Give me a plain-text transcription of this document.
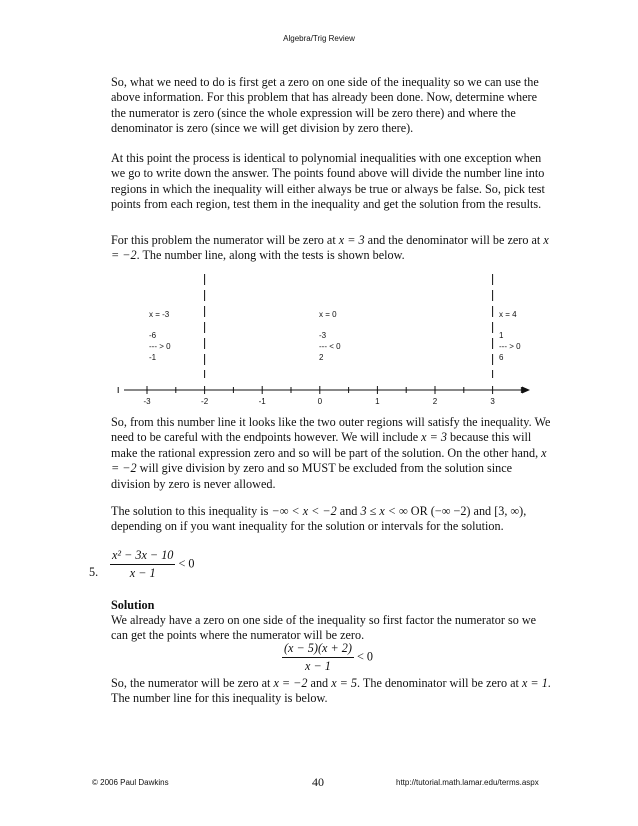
Algebra/Trig Review

So, what we need to do is first get a zero on one side of the inequality so we can use the above information. For this problem that has already been done. Now, determine where the numerator is zero (since the whole expression will be zero there) and where the denominator is zero (since we will get division by zero there).

At this point the process is identical to polynomial inequalities with one exception when we go to write down the answer. The points found above will divide the number line into regions in which the inequality will either always be true or always be false. So, pick test points from each region, test them in the inequality and get the solution from the results.

For this problem the numerator will be zero at x = 3 and the denominator will be zero at x = −2. The number line, along with the tests is shown below.

-3	-2	-1	0	1	2	3
x = -3
-6
--- > 0
-1
x = 0
-3
--- < 0
2
x = 4
1
--- > 0
6

So, from this number line it looks like the two outer regions will satisfy the inequality. We need to be careful with the endpoints however. We will include x = 3 because this will make the rational expression zero and so will be part of the solution. On the other hand, x = −2 will give division by zero and so MUST be excluded from the solution since division by zero is never allowed.

The solution to this inequality is −∞ < x < −2 and 3 ≤ x < ∞ OR (−∞ −2) and [3, ∞), depending on if you want inequality for the solution or intervals for the solution.

5. $\frac{\text{x² − 3x − 10}}{x - 1} < 0$
Solution

We already have a zero on one side of the inequality so first factor the numerator so we can get the points where the numerator will be zero.

$\frac{(x - 5)(x + 2)}{x - 1} < 0$

So, the numerator will be zero at x = −2 and x = 5. The denominator will be zero at x = 1. The number line for this inequality is below.

© 2006 Paul Dawkins	40	http://tutorial.math.lamar.edu/terms.aspx
